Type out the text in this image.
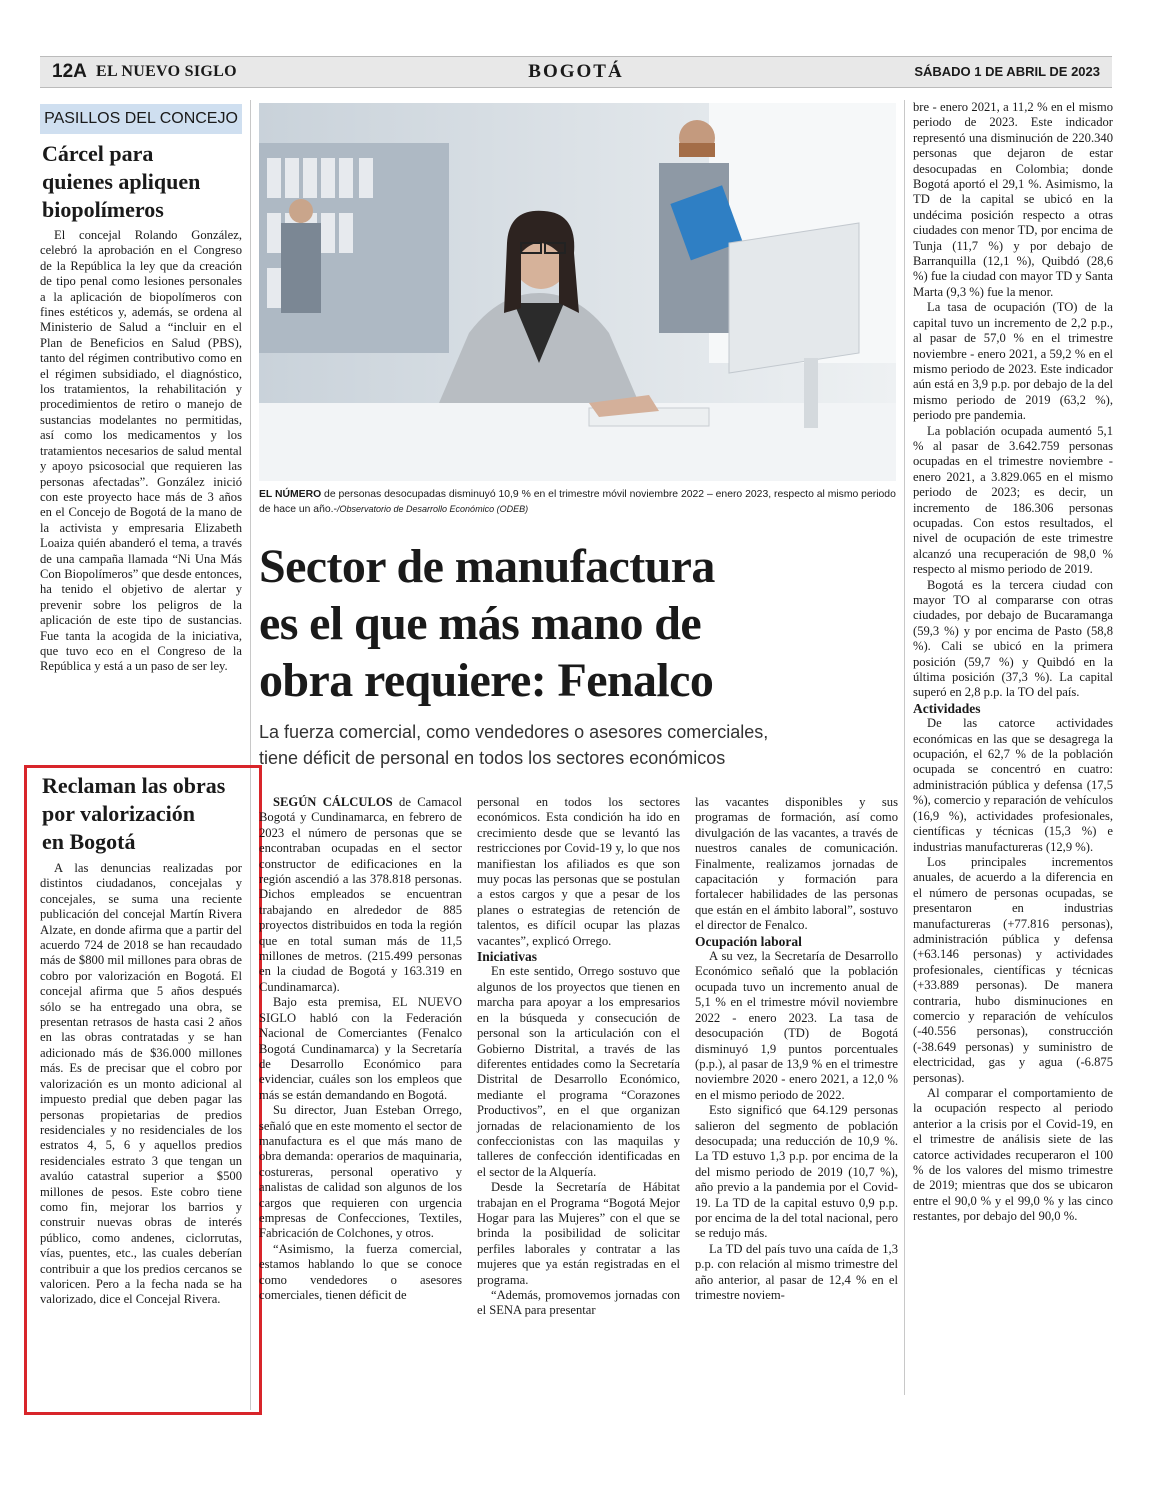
12A EL NUEVO SIGLO	BOGOTÁ	SÁBADO 1 DE ABRIL DE 2023
PASILLOS DEL CONCEJO
Cárcel para
quienes apliquen
biopolímeros

El concejal Rolando González, celebró la aprobación en el Congreso de la República la ley que da creación de tipo penal como lesiones personales a la aplicación de biopolímeros con fines estéticos y, además, se ordena al Ministerio de Salud a “incluir en el Plan de Beneficios en Salud (PBS), tanto del régimen contributivo como en el régimen subsidiado, el diagnóstico, los tratamientos, la rehabilitación y procedimientos de retiro o manejo de sustancias modelantes no permitidas, así como los medicamentos y los tratamientos necesarios de salud mental y apoyo psicosocial que requieren las personas afectadas”. González inició con este proyecto hace más de 3 años en el Concejo de Bogotá de la mano de la activista y empresaria Elizabeth Loaiza quién abanderó el tema, a través de una campaña llamada “Ni Una Más Con Biopolímeros” que desde entonces, ha tenido el objetivo de alertar y prevenir sobre los peligros de la aplicación de este tipo de sustancias. Fue tanta la acogida de la iniciativa, que tuvo eco en el Congreso de la República y está a un paso de ser ley.

Reclaman las obras
por valorización
en Bogotá

A las denuncias realizadas por distintos ciudadanos, concejalas y concejales, se suma una reciente publicación del concejal Martín Rivera Alzate, en donde afirma que a partir del acuerdo 724 de 2018 se han recaudado más de $800 mil millones para obras de cobro por valorización en Bogotá. El concejal afirma que 5 años después sólo se ha entregado una obra, se presentan retrasos de hasta casi 2 años en las obras contratadas y se han adicionado más de $36.000 millones más. Es de precisar que el cobro por valorización es un monto adicional al impuesto predial que deben pagar las personas propietarias de predios residenciales y no residenciales de los estratos 4, 5, 6 y aquellos predios residenciales estrato 3 que tengan un avalúo catastral superior a $500 millones de pesos. Este cobro tiene como fin, mejorar los barrios y construir nuevas obras de interés público, como andenes, ciclorrutas, vías, puentes, etc., las cuales deberían contribuir a que los predios cercanos se valoricen. Pero a la fecha nada se ha valorizado, dice el Concejal Rivera.

EL NÚMERO de personas desocupadas disminuyó 10,9 % en el trimestre móvil noviembre 2022 – enero 2023, respecto al mismo periodo de hace un año.-/Observatorio de Desarrollo Económico (ODEB)
Sector de manufactura
es el que más mano de
obra requiere: Fenalco
La fuerza comercial, como vendedores o asesores comerciales,
tiene déficit de personal en todos los sectores económicos

SEGÚN CÁLCULOS de Camacol Bogotá y Cundinamarca, en febrero de 2023 el número de personas que se encontraban ocupadas en el sector constructor de edificaciones en la región ascendió a las 378.818 personas. Dichos empleados se encuentran trabajando en alrededor de 885 proyectos distribuidos en toda la región que en total suman más de 11,5 millones de metros. (215.499 personas en la ciudad de Bogotá y 163.319 en Cundinamarca).

Bajo esta premisa, EL NUEVO SIGLO habló con la Federación Nacional de Comerciantes (Fenalco Bogotá Cundinamarca) y la Secretaría de Desarrollo Económico para evidenciar, cuáles son los empleos que más se están demandando en Bogotá.

Su director, Juan Esteban Orrego, señaló que en este momento el sector de manufactura es el que más mano de obra demanda: operarios de maquinaria, costureras, personal operativo y analistas de calidad son algunos de los cargos que requieren con urgencia empresas de Confecciones, Textiles, Fabricación de Colchones, y otros.

“Asimismo, la fuerza comercial, estamos hablando lo que se conoce como vendedores o asesores comerciales, tienen déficit de

personal en todos los sectores económicos. Esta condición ha ido en crecimiento desde que se levantó las restricciones por Covid-19 y, lo que nos manifiestan los afiliados es que son muy pocas las personas que se postulan a estos cargos y que a pesar de los planes o estrategias de retención de talentos, es difícil ocupar las plazas vacantes”, explicó Orrego.

Iniciativas

En este sentido, Orrego sostuvo que algunos de los proyectos que tienen en marcha para apoyar a los empresarios en la búsqueda y consecución de personal son la articulación con el Gobierno Distrital, a través de las diferentes entidades como la Secretaría Distrital de Desarrollo Económico, mediante el programa “Corazones Productivos”, en el que organizan jornadas de relacionamiento de los confeccionistas con las maquilas y talleres de confección identificadas en el sector de la Alquería.

Desde la Secretaría de Hábitat trabajan en el Programa “Bogotá Mejor Hogar para las Mujeres” con el que se brinda la posibilidad de solicitar perfiles laborales y contratar a las mujeres que ya están registradas en el programa.

“Además, promovemos jornadas con el SENA para presentar

las vacantes disponibles y sus programas de formación, así como divulgación de las vacantes, a través de nuestros canales de comunicación. Finalmente, realizamos jornadas de capacitación y formación para fortalecer habilidades de las personas que están en el ámbito laboral”, sostuvo el director de Fenalco.

Ocupación laboral

A su vez, la Secretaría de Desarrollo Económico señaló que la población ocupada tuvo un incremento anual de 5,1 % en el trimestre móvil noviembre 2022 - enero 2023. La tasa de desocupación (TD) de Bogotá disminuyó 1,9 puntos porcentuales (p.p.), al pasar de 13,9 % en el trimestre noviembre 2020 - enero 2021, a 12,0 % en el mismo periodo de 2022.

Esto significó que 64.129 personas salieron del segmento de población desocupada; una reducción de 10,9 %. La TD estuvo 1,3 p.p. por encima de la del mismo periodo de 2019 (10,7 %), año previo a la pandemia por el Covid-19. La TD de la capital estuvo 0,9 p.p. por encima de la del total nacional, pero se redujo más.

La TD del país tuvo una caída de 1,3 p.p. con relación al mismo trimestre del año anterior, al pasar de 12,4 % en el trimestre noviem-

bre - enero 2021, a 11,2 % en el mismo periodo de 2023. Este indicador representó una disminución de 220.340 personas que dejaron de estar desocupadas en Colombia; donde Bogotá aportó el 29,1 %. Asimismo, la TD de la capital se ubicó en la undécima posición respecto a otras ciudades con menor TD, por encima de Tunja (11,7 %) y por debajo de Barranquilla (12,1 %), Quibdó (28,6 %) fue la ciudad con mayor TD y Santa Marta (9,3 %) fue la menor.

La tasa de ocupación (TO) de la capital tuvo un incremento de 2,2 p.p., al pasar de 57,0 % en el trimestre noviembre - enero 2021, a 59,2 % en el mismo periodo de 2023. Este indicador aún está en 3,9 p.p. por debajo de la del mismo periodo de 2019 (63,2 %), periodo pre pandemia.

La población ocupada aumentó 5,1 % al pasar de 3.642.759 personas ocupadas en el trimestre noviembre - enero 2021, a 3.829.065 en el mismo periodo de 2023; es decir, un incremento de 186.306 personas ocupadas. Con estos resultados, el nivel de ocupación de este trimestre alcanzó una recuperación de 98,0 % respecto al mismo periodo de 2019.

Bogotá es la tercera ciudad con mayor TO al compararse con otras ciudades, por debajo de Bucaramanga (59,3 %) y por encima de Pasto (58,8 %). Cali se ubicó en la primera posición (59,7 %) y Quibdó en la última posición (37,3 %). La capital superó en 2,8 p.p. la TO del país.

Actividades

De las catorce actividades económicas en las que se desagrega la ocupación, el 62,7 % de la población ocupada se concentró en cuatro: administración pública y defensa (17,5 %), comercio y reparación de vehículos (16,9 %), actividades profesionales, científicas y técnicas (15,3 %) e industrias manufactureras (12,9 %).

Los principales incrementos anuales, de acuerdo a la diferencia en el número de personas ocupadas, se presentaron en industrias manufactureras (+77.816 personas), administración pública y defensa (+63.146 personas) y actividades profesionales, científicas y técnicas (+33.889 personas). De manera contraria, hubo disminuciones en comercio y reparación de vehículos (-40.556 personas), construcción (-38.649 personas) y suministro de electricidad, gas y agua (-6.875 personas).

Al comparar el comportamiento de la ocupación respecto al periodo anterior a la crisis por el Covid-19, en el trimestre de análisis siete de las catorce actividades recuperaron el 100 % de los valores del mismo trimestre de 2019; mientras que dos se ubicaron entre el 90,0 % y el 99,0 % y las cinco restantes, por debajo del 90,0 %.
